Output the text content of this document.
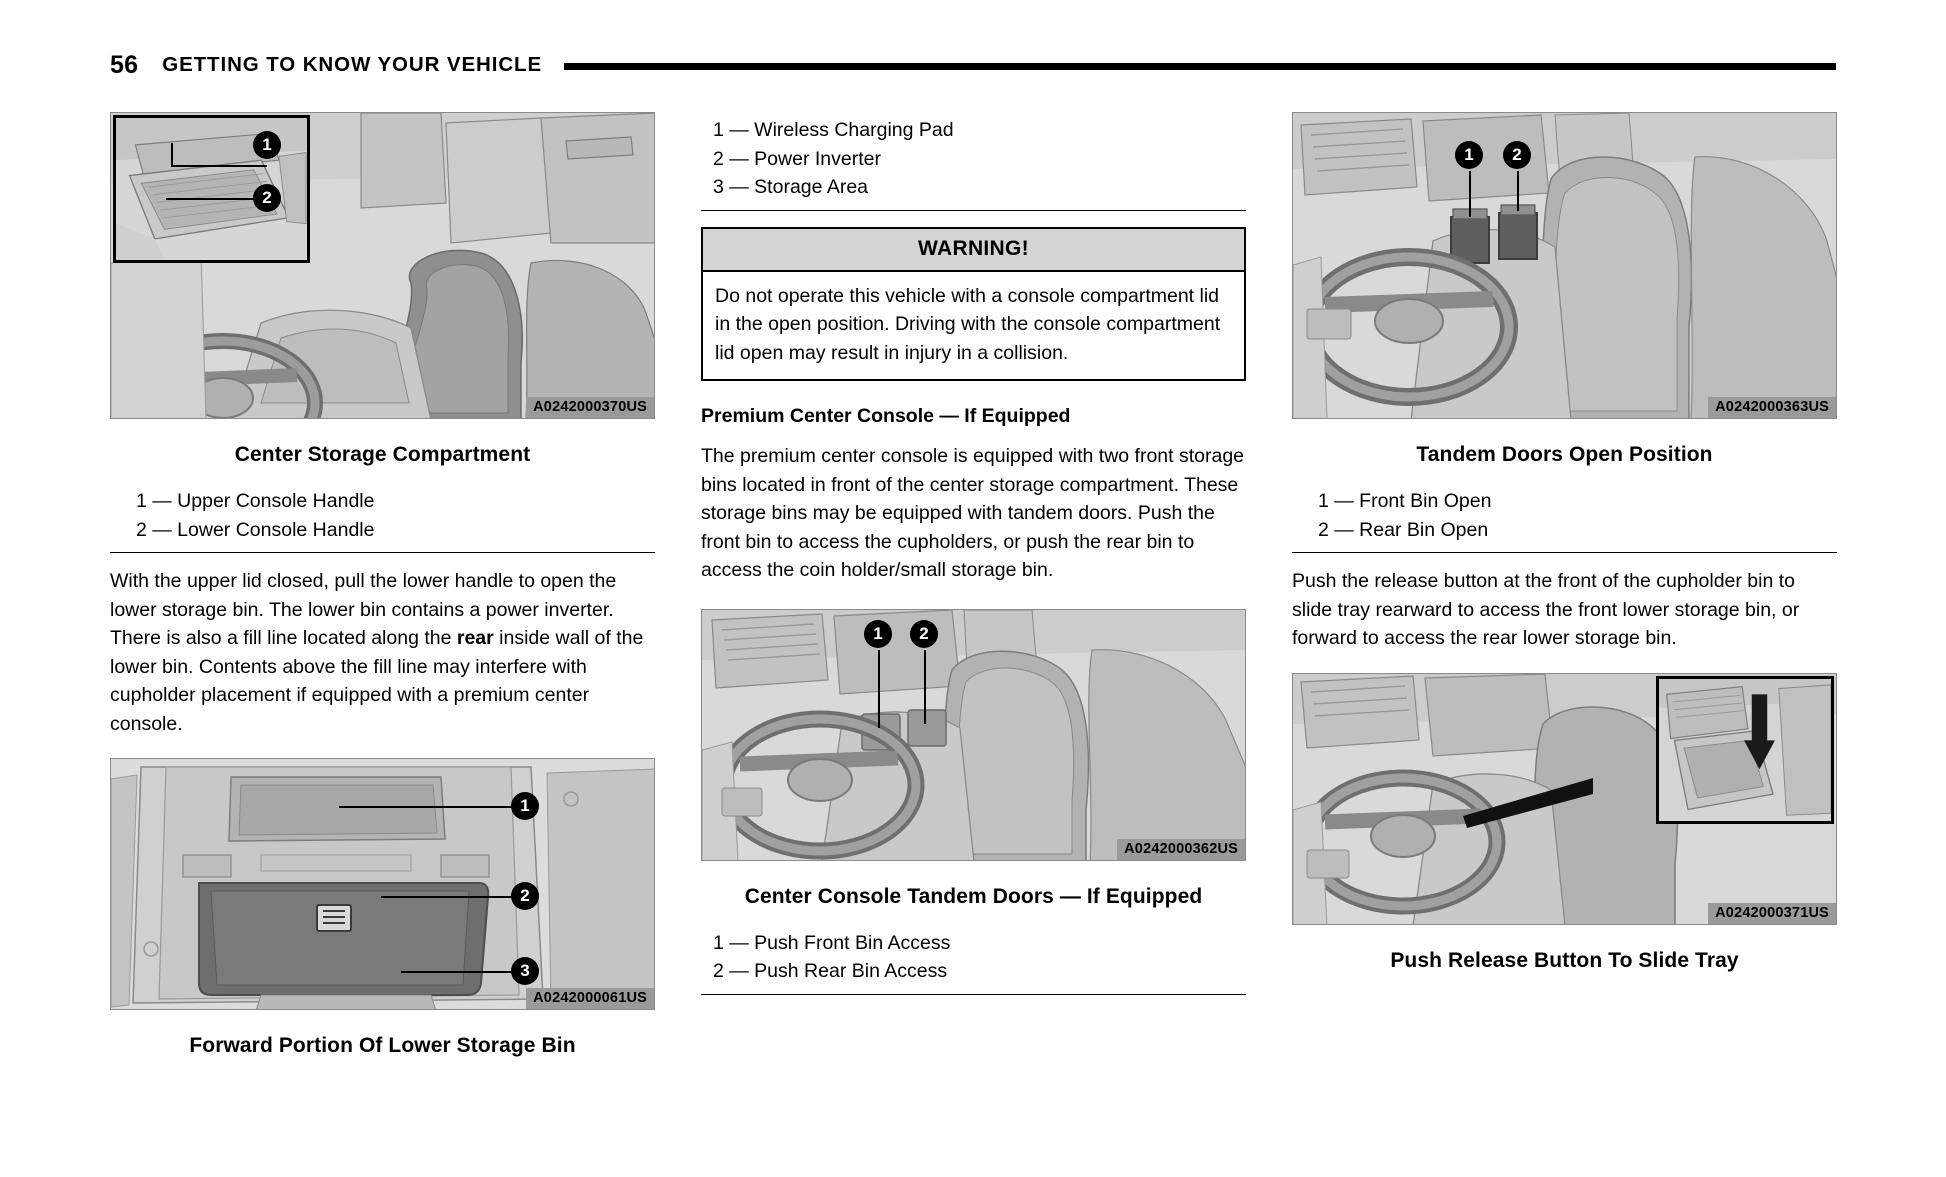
56 GETTING TO KNOW YOUR VEHICLE
1
2
A0242000370US

Center Storage Compartment

1 — Upper Console Handle

2 — Lower Console Handle

With the upper lid closed, pull the lower handle to open the lower storage bin. The lower bin contains a power inverter. There is also a fill line located along the rear inside wall of the lower bin. Contents above the fill line may interfere with cupholder placement if equipped with a premium center console.

1
2
3
A0242000061US

Forward Portion Of Lower Storage Bin

1 — Wireless Charging Pad

2 — Power Inverter

3 — Storage Area

WARNING!
Do not operate this vehicle with a console compartment lid in the open position. Driving with the console compartment lid open may result in injury in a collision.

Premium Center Console — If Equipped

The premium center console is equipped with two front storage bins located in front of the center storage compartment. These storage bins may be equipped with tandem doors. Push the front bin to access the cupholders, or push the rear bin to access the coin holder/small storage bin.

1	2
A0242000362US

Center Console Tandem Doors — If Equipped

1 — Push Front Bin Access

2 — Push Rear Bin Access

1	2
A0242000363US

Tandem Doors Open Position

1 — Front Bin Open

2 — Rear Bin Open

Push the release button at the front of the cupholder bin to slide tray rearward to access the front lower storage bin, or forward to access the rear lower storage bin.

A0242000371US

Push Release Button To Slide Tray
